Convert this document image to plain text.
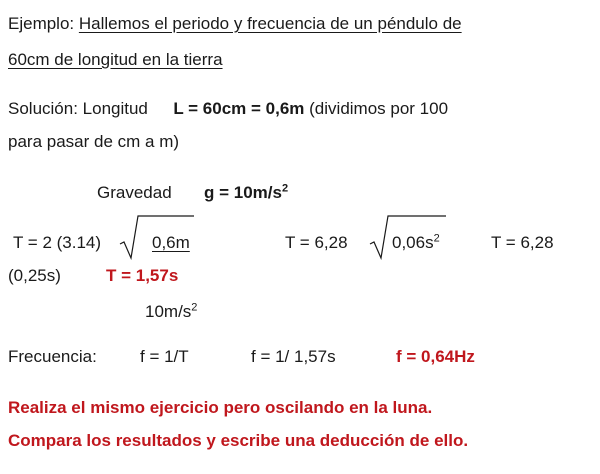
Ejemplo: Hallemos el periodo y frecuencia de un péndulo de
60cm de longitud en la tierra
Solución: Longitud L = 60cm = 0,6m (dividimos por 100
para pasar de cm a m)
Gravedad $g = 10m/s^2$
T = 2 (3.14)	0,6m
$10m/s^2$
T = 6,28	$0,06s^2$	T = 6,28
(0,25s)	T = 1,57s
Frecuencia:	f = 1/T	f = 1/ 1,57s	f = 0,64Hz
Realiza el mismo ejercicio pero oscilando en la luna.
Compara los resultados y escribe una deducción de ello.
